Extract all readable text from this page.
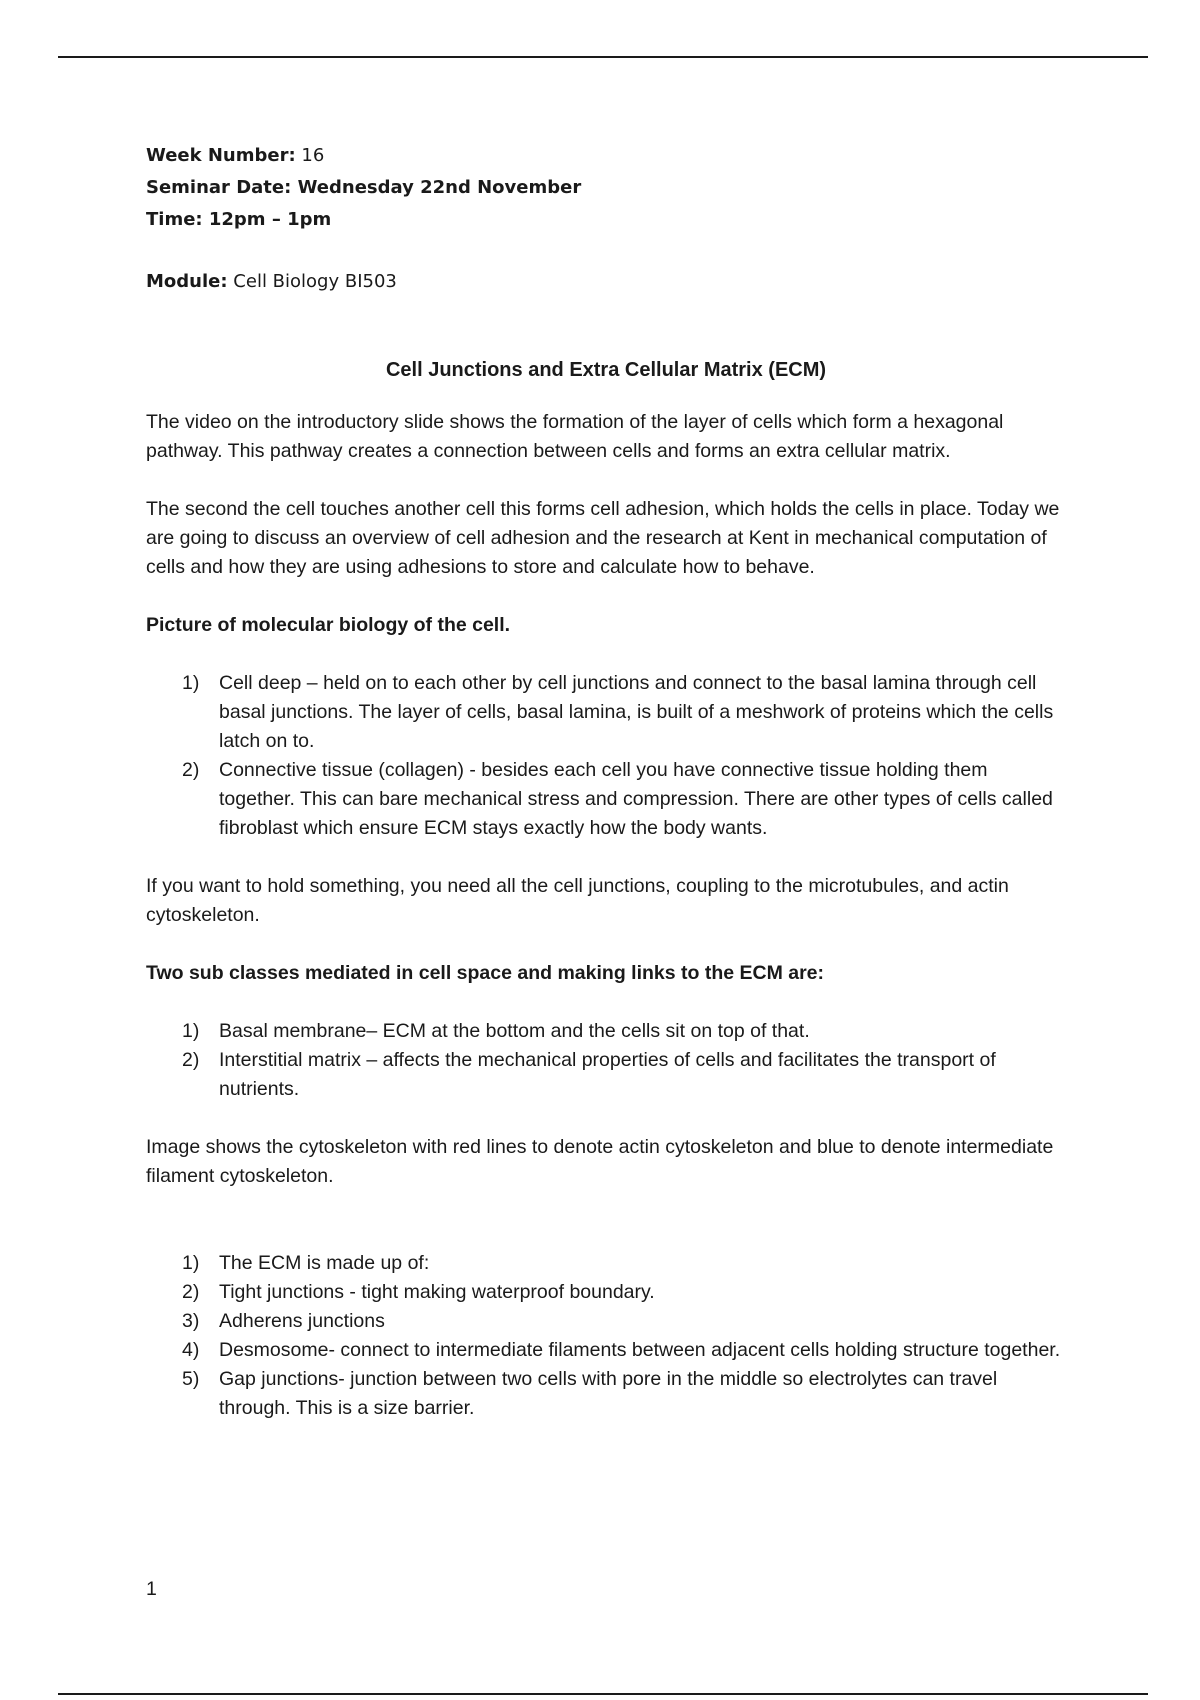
Week Number: 16
Seminar Date: Wednesday 22nd November
Time: 12pm – 1pm
Module: Cell Biology BI503
Cell Junctions and Extra Cellular Matrix (ECM)

The video on the introductory slide shows the formation of the layer of cells which form a hexagonal pathway. This pathway creates a connection between cells and forms an extra cellular matrix.

The second the cell touches another cell this forms cell adhesion, which holds the cells in place. Today we are going to discuss an overview of cell adhesion and the research at Kent in mechanical computation of cells and how they are using adhesions to store and calculate how to behave.

Picture of molecular biology of the cell.
1) Cell deep – held on to each other by cell junctions and connect to the basal lamina through cell basal junctions. The layer of cells, basal lamina, is built of a meshwork of proteins which the cells latch on to.
2) Connective tissue (collagen) - besides each cell you have connective tissue holding them together. This can bare mechanical stress and compression. There are other types of cells called fibroblast which ensure ECM stays exactly how the body wants.

If you want to hold something, you need all the cell junctions, coupling to the microtubules, and actin cytoskeleton.

Two sub classes mediated in cell space and making links to the ECM are:
1) Basal membrane– ECM at the bottom and the cells sit on top of that.
2) Interstitial matrix – affects the mechanical properties of cells and facilitates the transport of nutrients.

Image shows the cytoskeleton with red lines to denote actin cytoskeleton and blue to denote intermediate filament cytoskeleton.

1) The ECM is made up of:
2) Tight junctions - tight making waterproof boundary.
3) Adherens junctions
4) Desmosome- connect to intermediate filaments between adjacent cells holding structure together.
5) Gap junctions- junction between two cells with pore in the middle so electrolytes can travel through. This is a size barrier.
1
